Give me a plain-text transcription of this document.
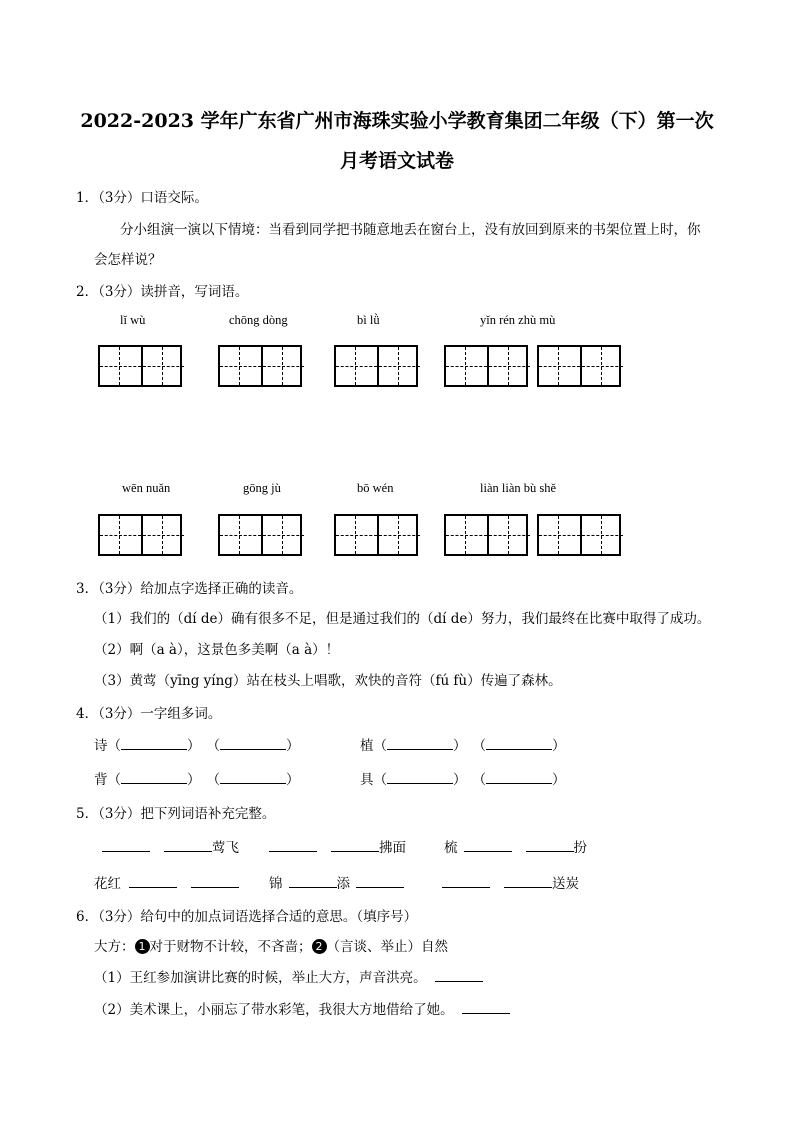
2022-2023 学年广东省广州市海珠实验小学教育集团二年级（下）第一次
月考语文试卷
1．（3分）口语交际。
分小组演一演以下情境：当看到同学把书随意地丢在窗台上，没有放回到原来的书架位置上时，你
会怎样说？
2．（3分）读拼音，写词语。
lǐ wù	chōng dòng	bì lǜ	yǐn rén zhù mù
wēn nuǎn	gōng jù	bō wén	liàn liàn bù shě
3．（3分）给加点字选择正确的读音。
（1）我们的（dí de）确有很多不足，但是通过我们的（dí de）努力，我们最终在比赛中取得了成功。
（2）啊（a à），这景色多美啊（a à）！
（3）黄莺（yīng yíng）站在枝头上唱歌，欢快的音符（fú fù）传遍了森林。
4．（3分）一字组多词。
诗（	） （	）	植（	） （	）
背（	） （	）	具（	） （	）
5．（3分）把下列词语补充完整。
莺飞	拂面	梳	扮
花红	锦	添	送炭
6．（3分）给句中的加点词语选择合适的意思。（填序号）
大方： 1 对于财物不计较，不吝啬； 2 （言谈、举止）自然
（1）王红参加演讲比赛的时候，举止大方，声音洪亮。
（2）美术课上，小丽忘了带水彩笔，我很大方地借给了她。
